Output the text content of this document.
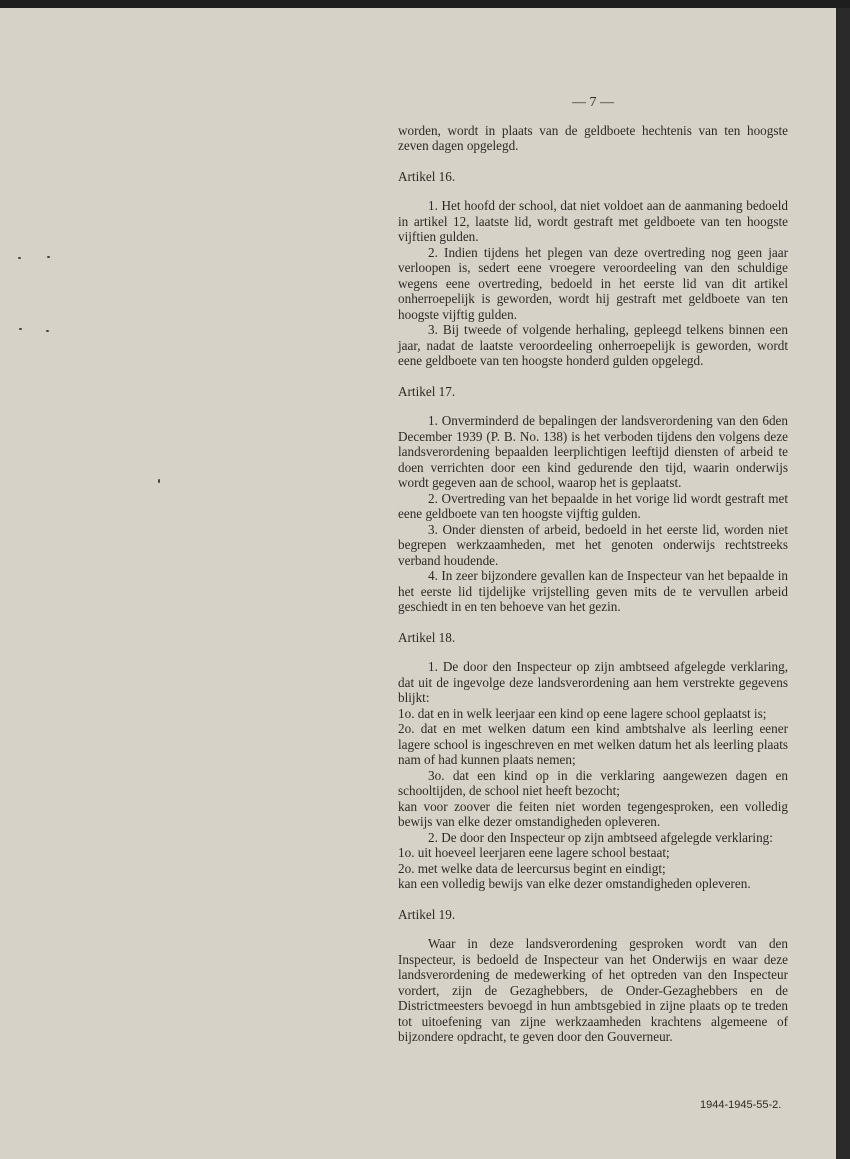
— 7 —

worden, wordt in plaats van de geldboete hechtenis van ten hoogste zeven dagen opgelegd.

Artikel 16.

1. Het hoofd der school, dat niet voldoet aan de aanmaning bedoeld in artikel 12, laatste lid, wordt gestraft met geldboete van ten hoogste vijftien gulden.

2. Indien tijdens het plegen van deze overtreding nog geen jaar verloopen is, sedert eene vroegere veroordeeling van den schuldige wegens eene overtreding, bedoeld in het eerste lid van dit artikel onherroepelijk is geworden, wordt hij gestraft met geldboete van ten hoogste vijftig gulden.

3. Bij tweede of volgende herhaling, gepleegd telkens binnen een jaar, nadat de laatste veroordeeling onherroepelijk is geworden, wordt eene geldboete van ten hoogste honderd gulden opgelegd.

Artikel 17.

1. Onverminderd de bepalingen der landsverordening van den 6den December 1939 (P. B. No. 138) is het verboden tijdens den volgens deze landsverordening bepaalden leerplichtigen leeftijd diensten of arbeid te doen verrichten door een kind gedurende den tijd, waarin onderwijs wordt gegeven aan de school, waarop het is geplaatst.

2. Overtreding van het bepaalde in het vorige lid wordt gestraft met eene geldboete van ten hoogste vijftig gulden.

3. Onder diensten of arbeid, bedoeld in het eerste lid, worden niet begrepen werkzaamheden, met het genoten onderwijs rechtstreeks verband houdende.

4. In zeer bijzondere gevallen kan de Inspecteur van het bepaalde in het eerste lid tijdelijke vrijstelling geven mits de te vervullen arbeid geschiedt in en ten behoeve van het gezin.

Artikel 18.

1. De door den Inspecteur op zijn ambtseed afgelegde verklaring, dat uit de ingevolge deze landsverordening aan hem verstrekte gegevens blijkt:

1o. dat en in welk leerjaar een kind op eene lagere school geplaatst is;

2o. dat en met welken datum een kind ambtshalve als leerling eener lagere school is ingeschreven en met welken datum het als leerling plaats nam of had kunnen plaats nemen;

3o. dat een kind op in die verklaring aangewezen dagen en schooltijden, de school niet heeft bezocht;

kan voor zoover die feiten niet worden tegengesproken, een volledig bewijs van elke dezer omstandigheden opleveren.

2. De door den Inspecteur op zijn ambtseed afgelegde verklaring:

1o. uit hoeveel leerjaren eene lagere school bestaat;

2o. met welke data de leercursus begint en eindigt;

kan een volledig bewijs van elke dezer omstandigheden opleveren.

Artikel 19.

Waar in deze landsverordening gesproken wordt van den Inspecteur, is bedoeld de Inspecteur van het Onderwijs en waar deze landsverordening de medewerking of het optreden van den Inspecteur vordert, zijn de Gezaghebbers, de Onder-Gezaghebbers en de Districtmeesters bevoegd in hun ambtsgebied in zijne plaats op te treden tot uitoefening van zijne werkzaamheden krachtens algemeene of bijzondere opdracht, te geven door den Gouverneur.

1944-1945-55-2.
